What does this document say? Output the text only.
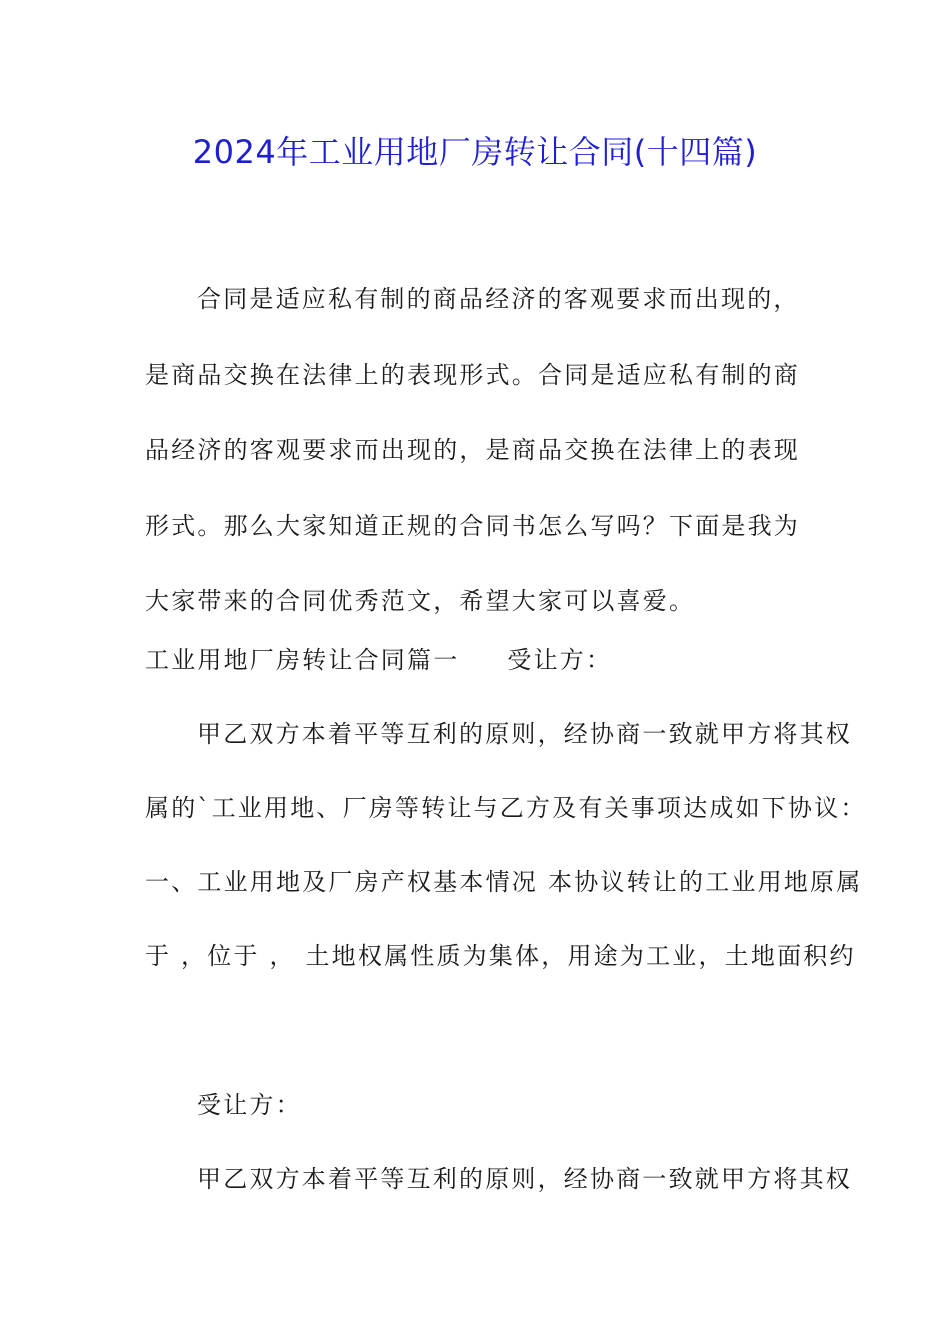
2024年工业用地厂房转让合同(十四篇)

合同是适应私有制的商品经济的客观要求而出现的，是商品交换在法律上的表现形式。合同是适应私有制的商品经济的客观要求而出现的，是商品交换在法律上的表现形式。那么大家知道正规的合同书怎么写吗？下面是我为大家带来的合同优秀范文，希望大家可以喜爱。

工业用地厂房转让合同篇一 受让方：

甲乙双方本着平等互利的原则，经协商一致就甲方将其权

属的`工业用地、厂房等转让与乙方及有关事项达成如下协议：

一、工业用地及厂房产权基本情况 本协议转让的工业用地原属

于 ，位于 ， 土地权属性质为集体，用途为工业，土地面积约

受让方：

甲乙双方本着平等互利的原则，经协商一致就甲方将其权
